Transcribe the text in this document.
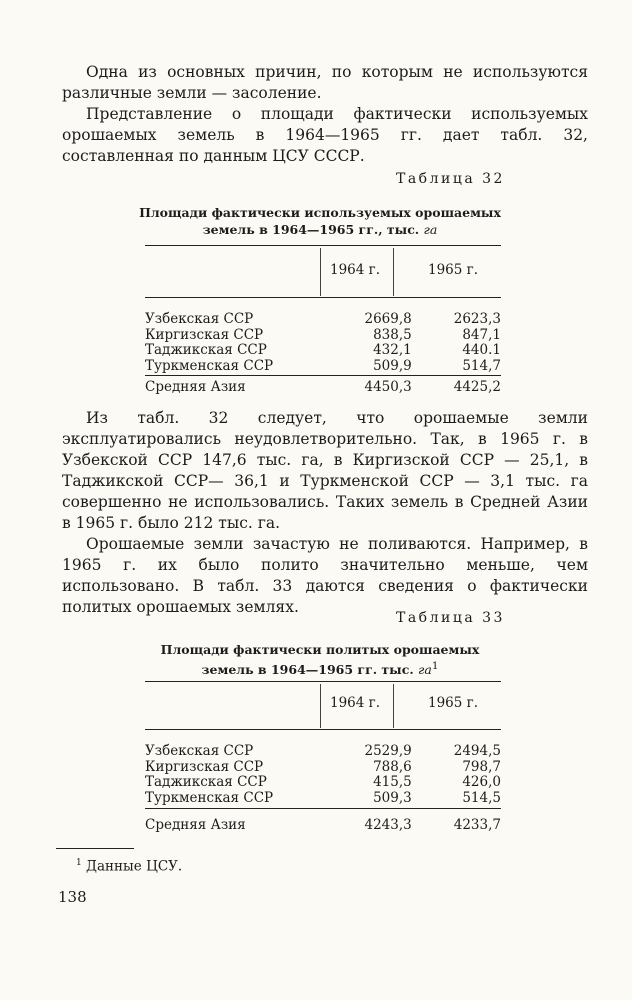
Одна из основных причин, по которым не используются различные земли — засоление.

Представление о площади фактически используемых орошаемых земель в 1964—1965 гг. дает табл. 32, составленная по данным ЦСУ СССР.

Таблица 32
Площади фактически используемых орошаемых
земель в 1964—1965 гг., тыс. га
1964 г.	1965 г.
Узбекская ССР	2669,8	2623,3
Киргизская ССР	838,5	847,1
Таджикская ССР	432,1	440.1
Туркменская ССР	509,9	514,7
Средняя Азия	4450,3	4425,2

Из табл. 32 следует, что орошаемые земли эксплуатировались неудовлетворительно. Так, в 1965 г. в Узбекской ССР 147,6 тыс. га, в Киргизской ССР — 25,1, в Таджикской ССР— 36,1 и Туркменской ССР — 3,1 тыс. га совершенно не использовались. Таких земель в Средней Азии в 1965 г. было 212 тыс. га.

Орошаемые земли зачастую не поливаются. Например, в 1965 г. их было полито значительно меньше, чем использовано. В табл. 33 даются сведения о фактически политых орошаемых землях.

Таблица 33
Площади фактически политых орошаемых
земель в 1964—1965 гг. тыс. $га^1$
1964 г.	1965 г.
Узбекская ССР	2529,9	2494,5
Киргизская ССР	788,6	798,7
Таджикская ССР	415,5	426,0
Туркменская ССР	509,3	514,5
Средняя Азия	4243,3	4233,7
$^1$ Данные ЦСУ.
138
